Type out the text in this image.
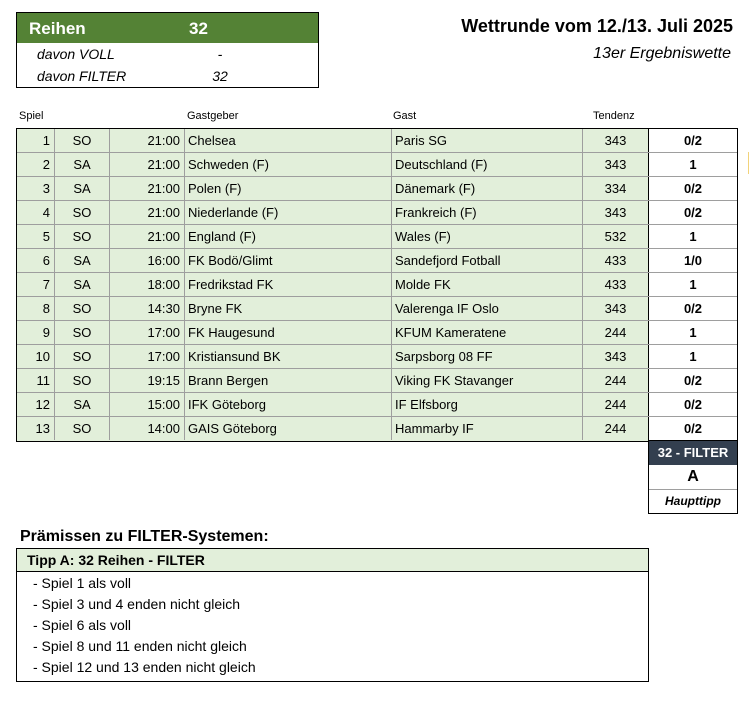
Reihen	32
davon VOLL	-
davon FILTER	32
Wettrunde vom 12./13. Juli 2025
13er Ergebniswette
Spiel	Gastgeber	Gast	Tendenz
1	SO	21:00 Chelsea	Paris SG	343	0/2
2	SA	21:00 Schweden (F)	Deutschland (F)	343	1
3	SA	21:00 Polen (F)	Dänemark (F)	334	0/2
4	SO	21:00 Niederlande (F)	Frankreich (F)	343	0/2
5	SO	21:00 England (F)	Wales (F)	532	1
6	SA	16:00 FK Bodö/Glimt	Sandefjord Fotball	433	1/0
7	SA	18:00 Fredrikstad FK	Molde FK	433	1
8	SO	14:30 Bryne FK	Valerenga IF Oslo	343	0/2
9	SO	17:00 FK Haugesund	KFUM Kameratene	244	1
10	SO	17:00 Kristiansund BK	Sarpsborg 08 FF	343	1
11	SO	19:15 Brann Bergen	Viking FK Stavanger	244	0/2
12	SA	15:00 IFK Göteborg	IF Elfsborg	244	0/2
13	SO	14:00 GAIS Göteborg	Hammarby IF	244	0/2
32 - FILTER
A
Haupttipp
Prämissen zu FILTER-Systemen:
Tipp A: 32 Reihen - FILTER
- Spiel 1 als voll
- Spiel 3 und 4 enden nicht gleich
- Spiel 6 als voll
- Spiel 8 und 11 enden nicht gleich
- Spiel 12 und 13 enden nicht gleich
